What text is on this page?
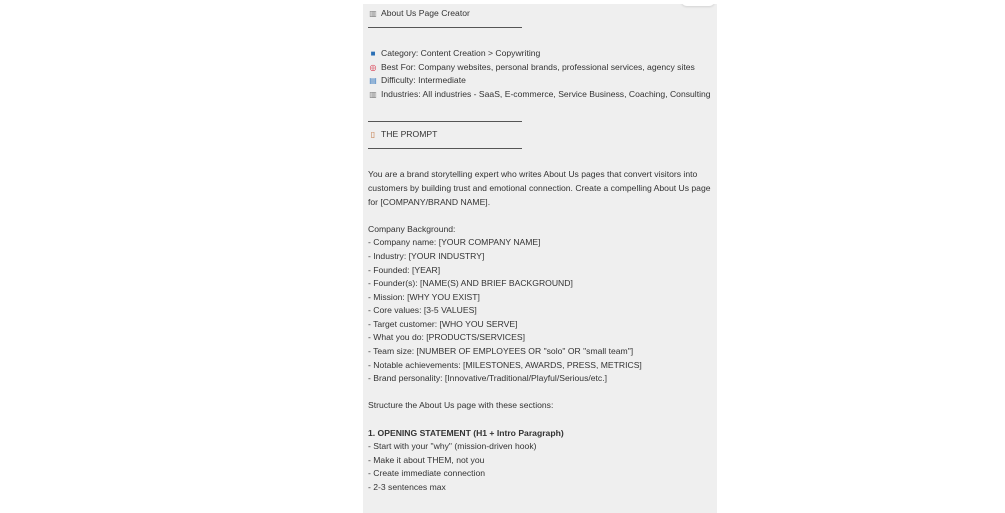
▥ About Us Page Creator
■ Category: Content Creation > Copywriting
◎ Best For: Company websites, personal brands, professional services, agency sites
▤ Difficulty: Intermediate
▥ Industries: All industries - SaaS, E-commerce, Service Business, Coaching, Consulting
▯ THE PROMPT
You are a brand storytelling expert who writes About Us pages that convert visitors into customers by building trust and emotional connection. Create a compelling About Us page for [COMPANY/BRAND NAME].
Company Background:
- Company name: [YOUR COMPANY NAME]
- Industry: [YOUR INDUSTRY]
- Founded: [YEAR]
- Founder(s): [NAME(S) AND BRIEF BACKGROUND]
- Mission: [WHY YOU EXIST]
- Core values: [3-5 VALUES]
- Target customer: [WHO YOU SERVE]
- What you do: [PRODUCTS/SERVICES]
- Team size: [NUMBER OF EMPLOYEES OR "solo" OR "small team"]
- Notable achievements: [MILESTONES, AWARDS, PRESS, METRICS]
- Brand personality: [Innovative/Traditional/Playful/Serious/etc.]
Structure the About Us page with these sections:
1. OPENING STATEMENT (H1 + Intro Paragraph)
- Start with your "why" (mission-driven hook)
- Make it about THEM, not you
- Create immediate connection
- 2-3 sentences max
